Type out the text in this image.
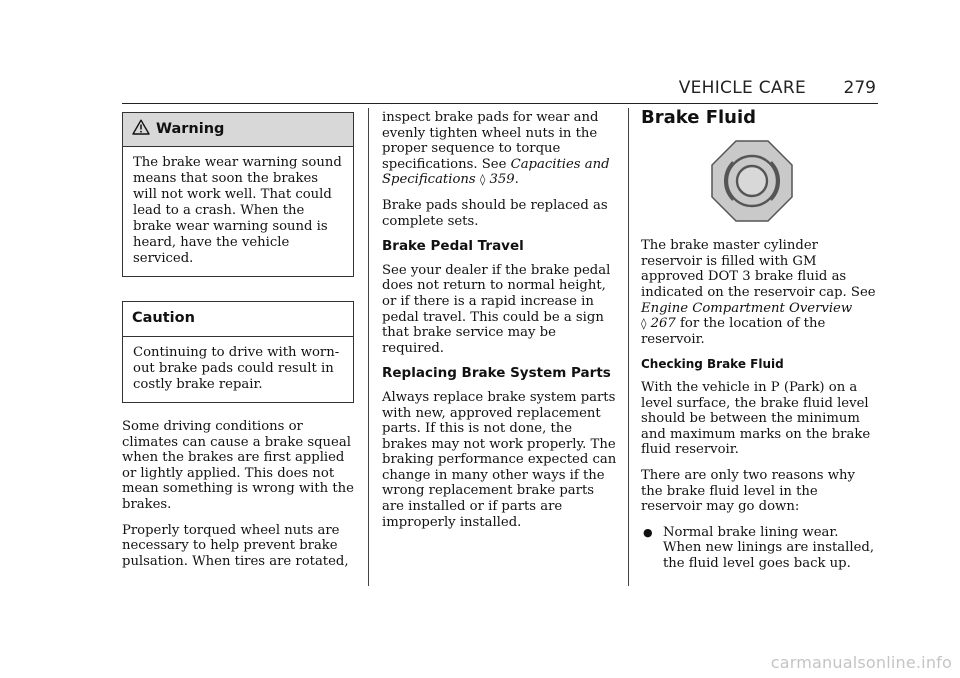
VEHICLE CARE 279
Warning
The brake wear warning sound means that soon the brakes will not work well. That could lead to a crash. When the brake wear warning sound is heard, have the vehicle serviced.
Caution
Continuing to drive with worn-out brake pads could result in costly brake repair.

Some driving conditions or climates can cause a brake squeal when the brakes are first applied or lightly applied. This does not mean something is wrong with the brakes.

Properly torqued wheel nuts are necessary to help prevent brake pulsation. When tires are rotated,

inspect brake pads for wear and evenly tighten wheel nuts in the proper sequence to torque specifications. See Capacities and Specifications ◊ 359.

Brake pads should be replaced as complete sets.

Brake Pedal Travel

See your dealer if the brake pedal does not return to normal height, or if there is a rapid increase in pedal travel. This could be a sign that brake service may be required.

Replacing Brake System Parts

Always replace brake system parts with new, approved replacement parts. If this is not done, the brakes may not work properly. The braking performance expected can change in many other ways if the wrong replacement brake parts are installed or if parts are improperly installed.

Brake Fluid

The brake master cylinder reservoir is filled with GM approved DOT 3 brake fluid as indicated on the reservoir cap. See Engine Compartment Overview
◊ 267 for the location of the reservoir.

Checking Brake Fluid

With the vehicle in P (Park) on a level surface, the brake fluid level should be between the minimum and maximum marks on the brake fluid reservoir.

There are only two reasons why the brake fluid level in the reservoir may go down:

● Normal brake lining wear. When new linings are installed, the fluid level goes back up.
carmanualsonline.info
